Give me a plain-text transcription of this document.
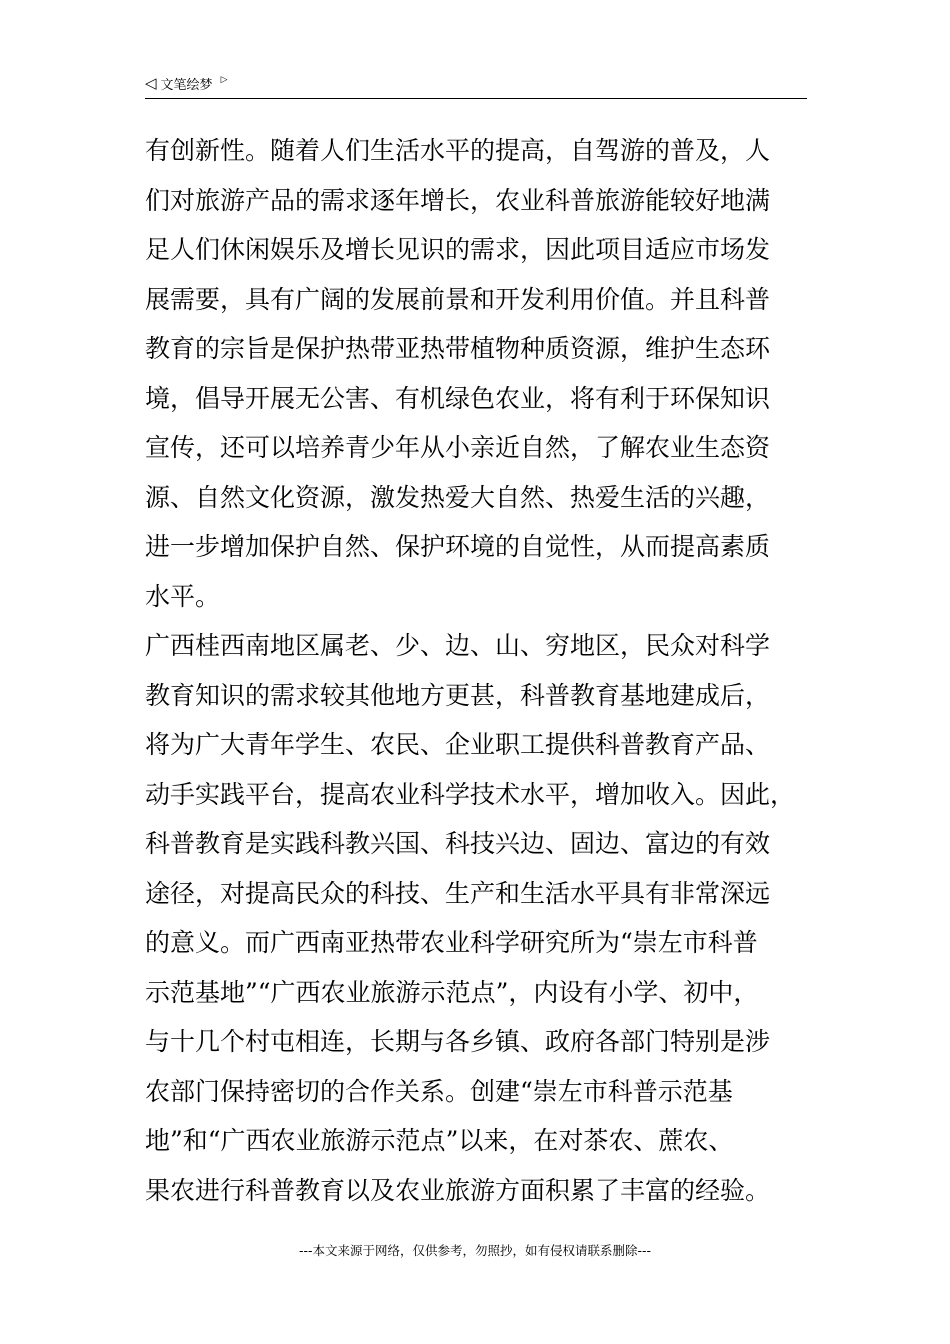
◁ 文笔绘梦 ▷
有创新性。随着人们生活水平的提高，自驾游的普及，人
们对旅游产品的需求逐年增长，农业科普旅游能较好地满
足人们休闲娱乐及增长见识的需求，因此项目适应市场发
展需要，具有广阔的发展前景和开发利用价值。并且科普
教育的宗旨是保护热带亚热带植物种质资源，维护生态环
境，倡导开展无公害、有机绿色农业，将有利于环保知识
宣传，还可以培养青少年从小亲近自然，了解农业生态资
源、自然文化资源，激发热爱大自然、热爱生活的兴趣，
进一步增加保护自然、保护环境的自觉性，从而提高素质
水平。
广西桂西南地区属老、少、边、山、穷地区，民众对科学
教育知识的需求较其他地方更甚，科普教育基地建成后，
将为广大青年学生、农民、企业职工提供科普教育产品、
动手实践平台，提高农业科学技术水平，增加收入。因此，
科普教育是实践科教兴国、科技兴边、固边、富边的有效
途径，对提高民众的科技、生产和生活水平具有非常深远
的意义。而广西南亚热带农业科学研究所为“崇左市科普
示范基地”“广西农业旅游示范点”，内设有小学、初中，
与十几个村屯相连，长期与各乡镇、政府各部门特别是涉
农部门保持密切的合作关系。创建“崇左市科普示范基
地”和“广西农业旅游示范点”以来，在对茶农、蔗农、
果农进行科普教育以及农业旅游方面积累了丰富的经验。
---本文来源于网络，仅供参考，勿照抄，如有侵权请联系删除---
